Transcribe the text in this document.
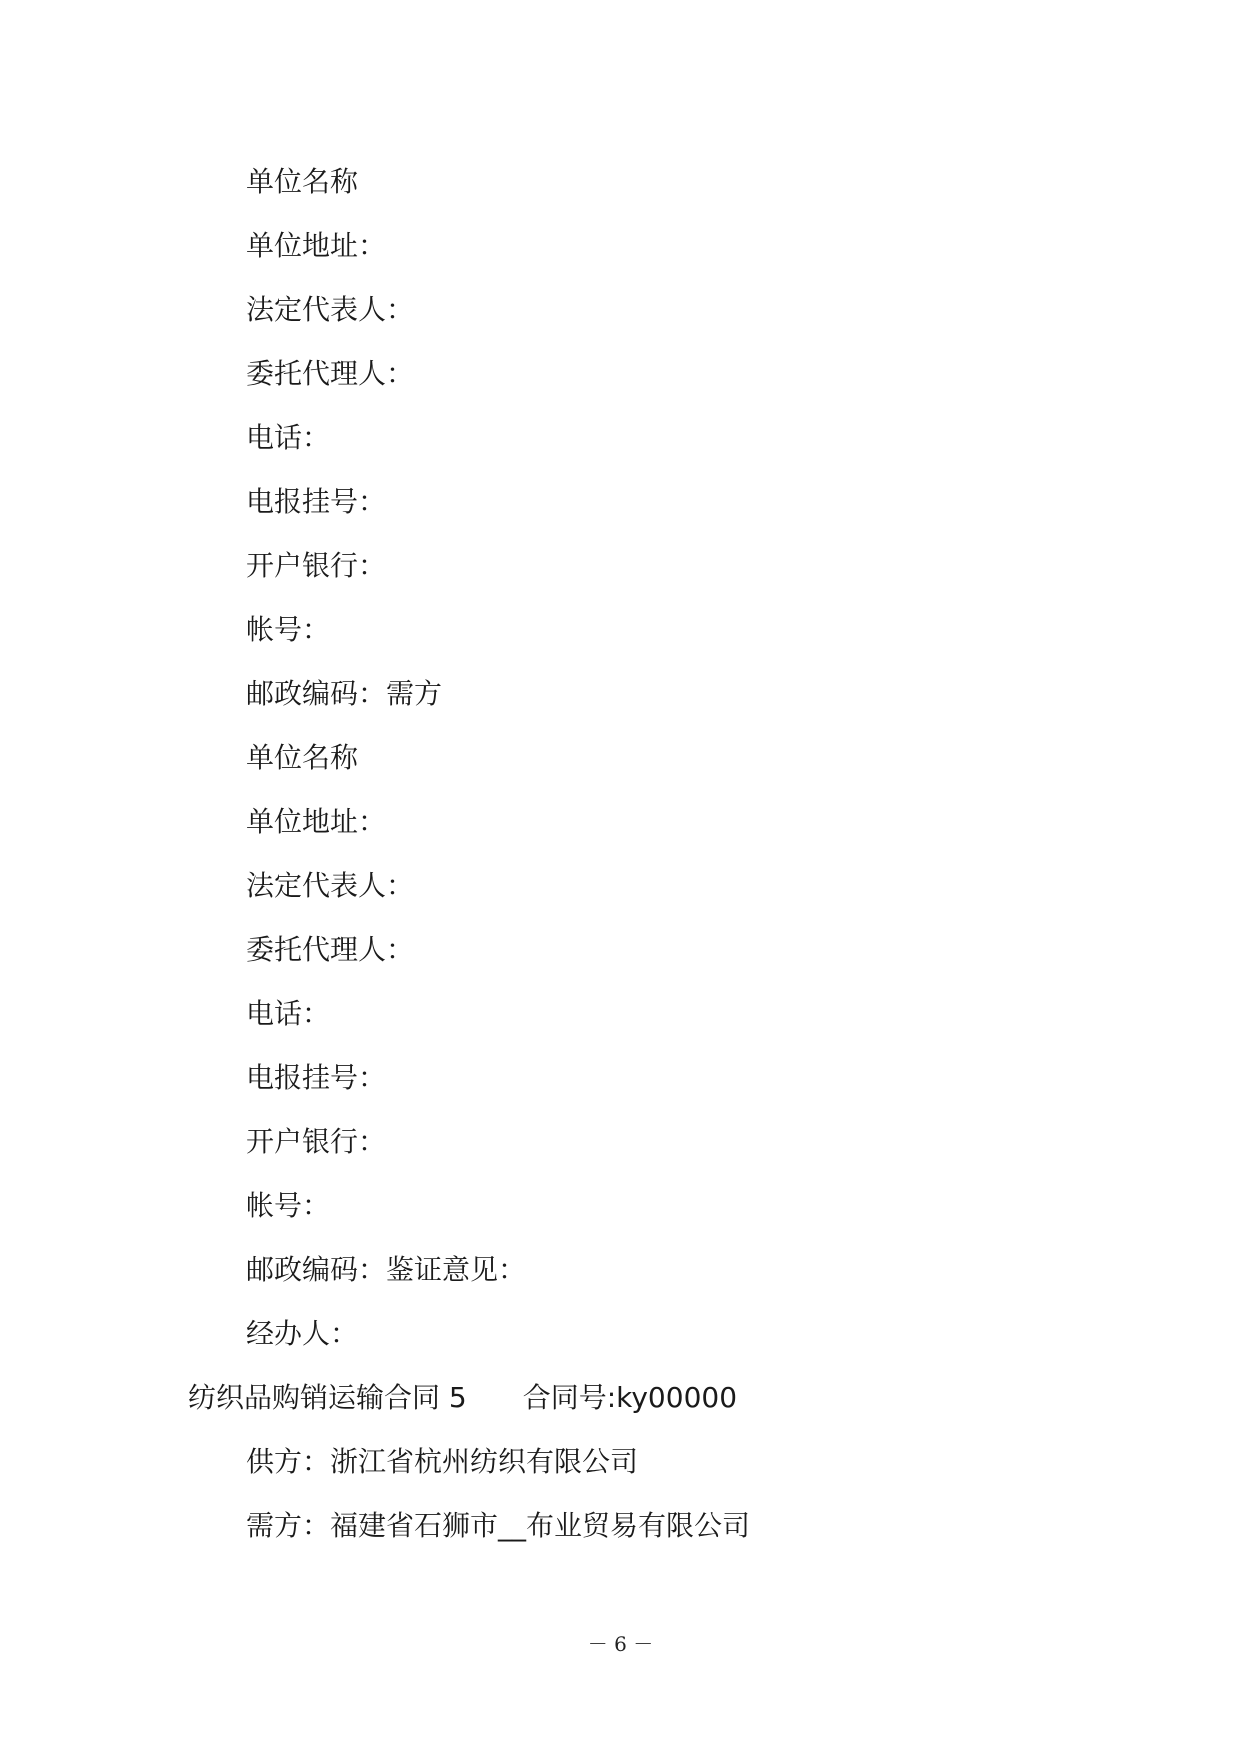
单位名称
单位地址：
法定代表人：
委托代理人：
电话：
电报挂号：
开户银行：
帐号：
邮政编码：需方
单位名称
单位地址：
法定代表人：
委托代理人：
电话：
电报挂号：
开户银行：
帐号：
邮政编码：鉴证意见：
经办人：
纺织品购销运输合同 5　　合同号:ky00000
供方：浙江省杭州纺织有限公司
需方：福建省石狮市__布业贸易有限公司
－ 6 －
